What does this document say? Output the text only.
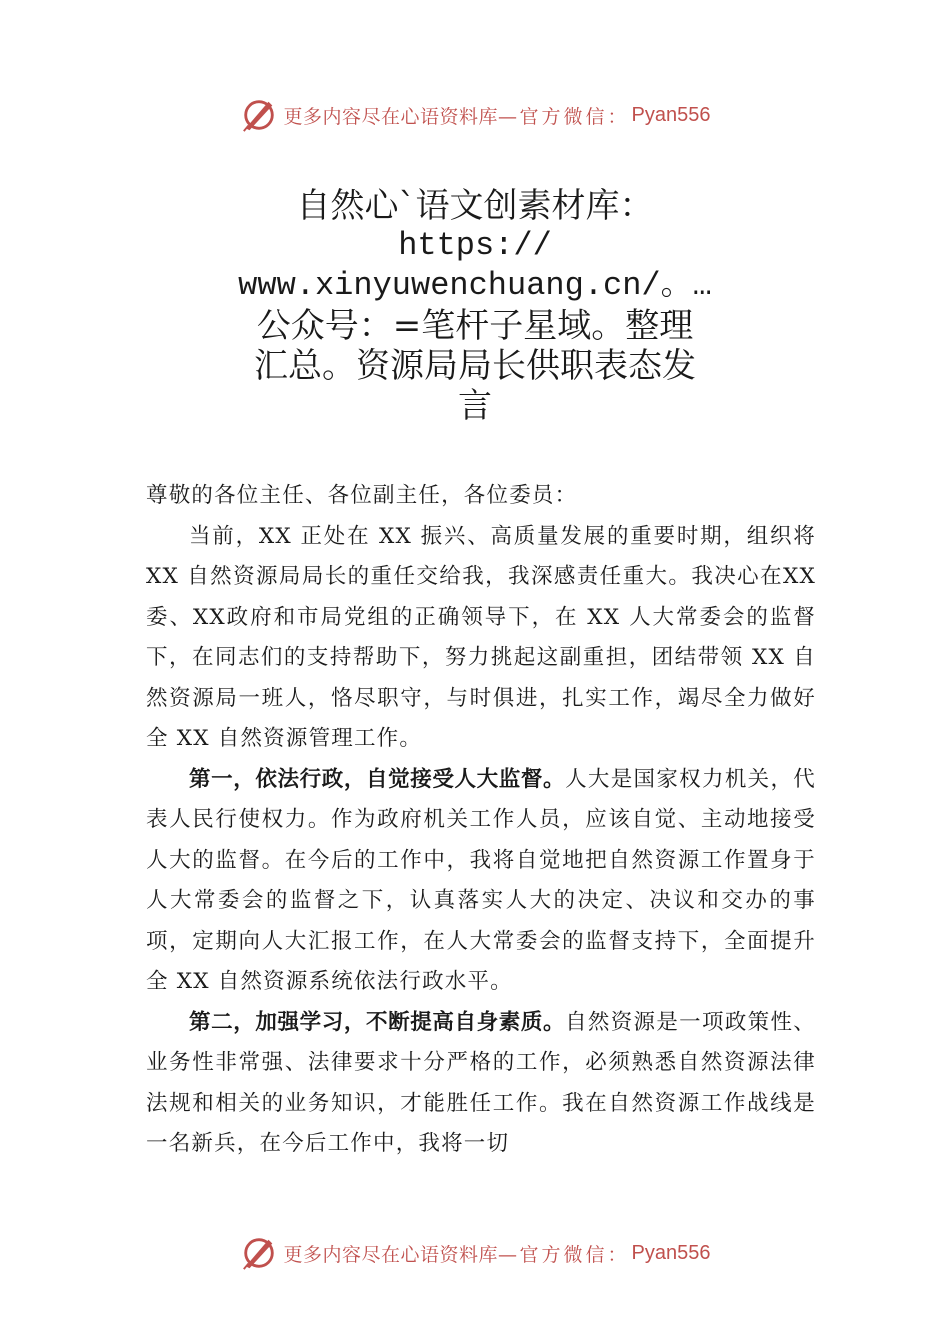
更多内容尽在心语资料库— 官方微信： Pyan556
自然心`语文创素材库：
https://
www.xinyuwenchuang.cn/。…
公众号：=笔杆子星域。整理
汇总。资源局局长供职表态发
言

尊敬的各位主任、各位副主任，各位委员：

当前，XX 正处在 XX 振兴、高质量发展的重要时期，组织将 XX 自然资源局局长的重任交给我，我深感责任重大。我决心在XX委、XX政府和市局党组的正确领导下，在 XX 人大常委会的监督下，在同志们的支持帮助下，努力挑起这副重担，团结带领 XX 自然资源局一班人，恪尽职守，与时俱进，扎实工作，竭尽全力做好全 XX 自然资源管理工作。

第一，依法行政，自觉接受人大监督。人大是国家权力机关，代表人民行使权力。作为政府机关工作人员，应该自觉、主动地接受人大的监督。在今后的工作中，我将自觉地把自然资源工作置身于人大常委会的监督之下，认真落实人大的决定、决议和交办的事项，定期向人大汇报工作，在人大常委会的监督支持下，全面提升全 XX 自然资源系统依法行政水平。

第二，加强学习，不断提高自身素质。自然资源是一项政策性、业务性非常强、法律要求十分严格的工作，必须熟悉自然资源法律法规和相关的业务知识，才能胜任工作。我在自然资源工作战线是一名新兵，在今后工作中，我将一切

更多内容尽在心语资料库— 官方微信： Pyan556
